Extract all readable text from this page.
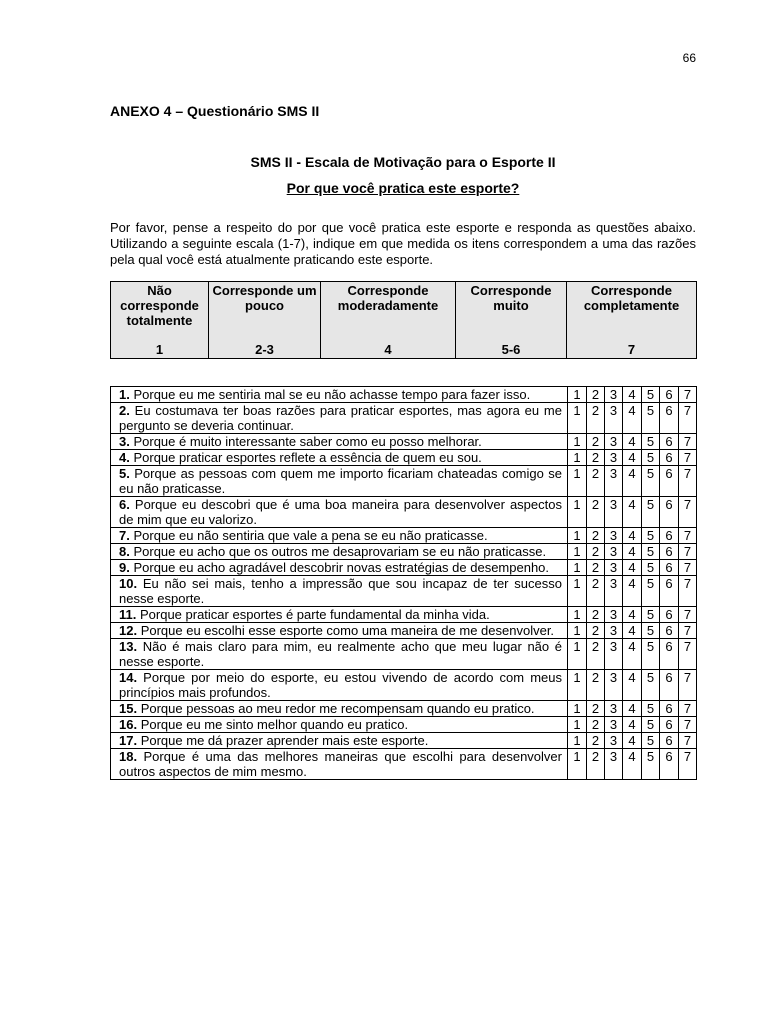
66
ANEXO 4 – Questionário SMS II
SMS II - Escala de Motivação para o Esporte II
Por que você pratica este esporte?
Por favor, pense a respeito do por que você pratica este esporte e responda as questões abaixo. Utilizando a seguinte escala (1-7), indique em que medida os itens correspondem a uma das razões pela qual você está atualmente praticando este esporte.
Não corresponde totalmente
1

Corresponde um pouco
2-3

Corresponde moderadamente
4

Corresponde muito
5-6

Corresponde completamente
7
1. Porque eu me sentiria mal se eu não achasse tempo para fazer isso.	1	2	3	4	5	6	7
2. Eu costumava ter boas razões para praticar esportes, mas agora eu me pergunto se deveria continuar.	1	2	3	4	5	6	7
3. Porque é muito interessante saber como eu posso melhorar.	1	2	3	4	5	6	7
4. Porque praticar esportes reflete a essência de quem eu sou.	1	2	3	4	5	6	7
5. Porque as pessoas com quem me importo ficariam chateadas comigo se eu não praticasse.	1	2	3	4	5	6	7
6. Porque eu descobri que é uma boa maneira para desenvolver aspectos de mim que eu valorizo.	1	2	3	4	5	6	7
7. Porque eu não sentiria que vale a pena se eu não praticasse.	1	2	3	4	5	6	7
8. Porque eu acho que os outros me desaprovariam se eu não praticasse.	1	2	3	4	5	6	7
9. Porque eu acho agradável descobrir novas estratégias de desempenho.	1	2	3	4	5	6	7
10. Eu não sei mais, tenho a impressão que sou incapaz de ter sucesso nesse esporte.	1	2	3	4	5	6	7
11. Porque praticar esportes é parte fundamental da minha vida.	1	2	3	4	5	6	7
12. Porque eu escolhi esse esporte como uma maneira de me desenvolver.	1	2	3	4	5	6	7
13. Não é mais claro para mim, eu realmente acho que meu lugar não é nesse esporte.	1	2	3	4	5	6	7
14. Porque por meio do esporte, eu estou vivendo de acordo com meus princípios mais profundos.	1	2	3	4	5	6	7
15. Porque pessoas ao meu redor me recompensam quando eu pratico.	1	2	3	4	5	6	7
16. Porque eu me sinto melhor quando eu pratico.	1	2	3	4	5	6	7
17. Porque me dá prazer aprender mais este esporte.	1	2	3	4	5	6	7
18. Porque é uma das melhores maneiras que escolhi para desenvolver outros aspectos de mim mesmo.	1	2	3	4	5	6	7
